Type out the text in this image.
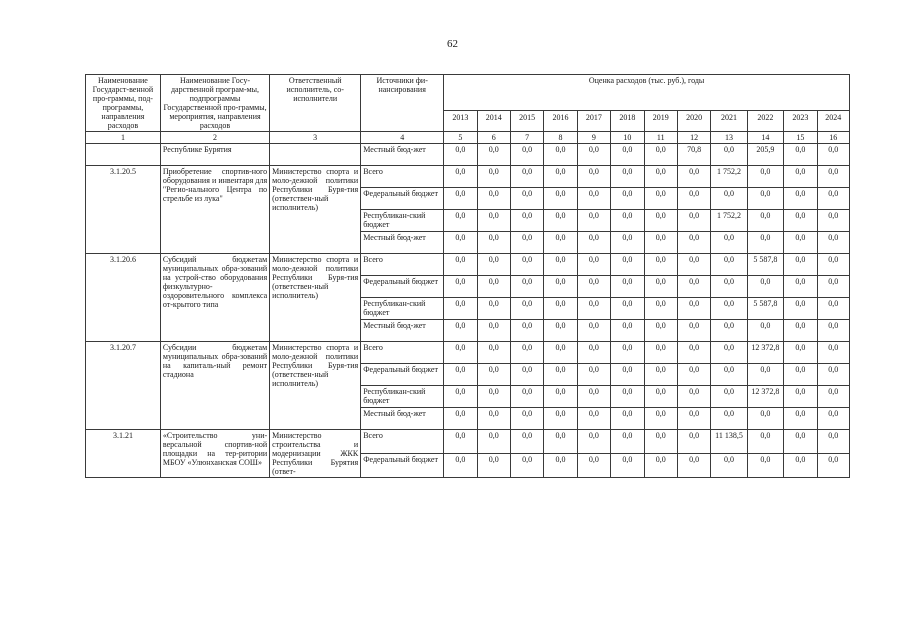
62
Наименование Государст-венной про-граммы, под-программы, направления расходов	Наименование Госу-дарственной програм-мы, подпрограммы Государственной про-граммы, мероприятия, направления расходов	Ответственный исполнитель, со-исполнители	Источники фи-нансирования	Оценка расходов (тыс. руб.), годы											
				2013	2014	2015	2016	2017	2018	2019	2020	2021	2022	2023	2024
1	2	3	4	5	6	7	8	9	10	11	12	13	14	15	16
	Республике Бурятия		Местный бюд-жет	0,0	0,0	0,0	0,0	0,0	0,0	0,0	70,8	0,0	205,9	0,0	0,0
3.1.20.5	Приобретение спортив-ного оборудования и инвентаря для "Регио-нального Центра по стрельбе из лука"	Министерство спорта и моло-дежной политики Республики Буря-тия (ответствен-ный исполнитель)	Всего	0,0	0,0	0,0	0,0	0,0	0,0	0,0	0,0	1 752,2	0,0	0,0	0,0
			Федеральный бюджет	0,0	0,0	0,0	0,0	0,0	0,0	0,0	0,0	0,0	0,0	0,0	0,0
			Республикан-ский бюджет	0,0	0,0	0,0	0,0	0,0	0,0	0,0	0,0	1 752,2	0,0	0,0	0,0
			Местный бюд-жет	0,0	0,0	0,0	0,0	0,0	0,0	0,0	0,0	0,0	0,0	0,0	0,0
3.1.20.6	Субсидий бюджетам муниципальных обра-зований на устрой-ство оборудования физкультурно-оздоровительного комплекса от-крытого типа	Министерство спорта и моло-дежной политики Республики Буря-тия (ответствен-ный исполнитель)	Всего	0,0	0,0	0,0	0,0	0,0	0,0	0,0	0,0	0,0	5 587,8	0,0	0,0
			Федеральный бюджет	0,0	0,0	0,0	0,0	0,0	0,0	0,0	0,0	0,0	0,0	0,0	0,0
			Республикан-ский бюджет	0,0	0,0	0,0	0,0	0,0	0,0	0,0	0,0	0,0	5 587,8	0,0	0,0
			Местный бюд-жет	0,0	0,0	0,0	0,0	0,0	0,0	0,0	0,0	0,0	0,0	0,0	0,0
3.1.20.7	Субсидии бюджетам муниципальных обра-зований на капиталь-ный ремонт стадиона	Министерство спорта и моло-дежной политики Республики Буря-тия (ответствен-ный исполнитель)	Всего	0,0	0,0	0,0	0,0	0,0	0,0	0,0	0,0	0,0	12 372,8	0,0	0,0
			Федеральный бюджет	0,0	0,0	0,0	0,0	0,0	0,0	0,0	0,0	0,0	0,0	0,0	0,0
			Республикан-ский бюджет	0,0	0,0	0,0	0,0	0,0	0,0	0,0	0,0	0,0	12 372,8	0,0	0,0
			Местный бюд-жет	0,0	0,0	0,0	0,0	0,0	0,0	0,0	0,0	0,0	0,0	0,0	0,0
3.1.21	«Строительство уни-версальной спортив-ной площадки на тер-ритории МБОУ «Улюнханская СОШ»	Министерство строительства и модернизации ЖКК Республики Бурятия (ответ-	Всего	0,0	0,0	0,0	0,0	0,0	0,0	0,0	0,0	11 138,5	0,0	0,0	0,0
			Федеральный бюджет	0,0	0,0	0,0	0,0	0,0	0,0	0,0	0,0	0,0	0,0	0,0	0,0
